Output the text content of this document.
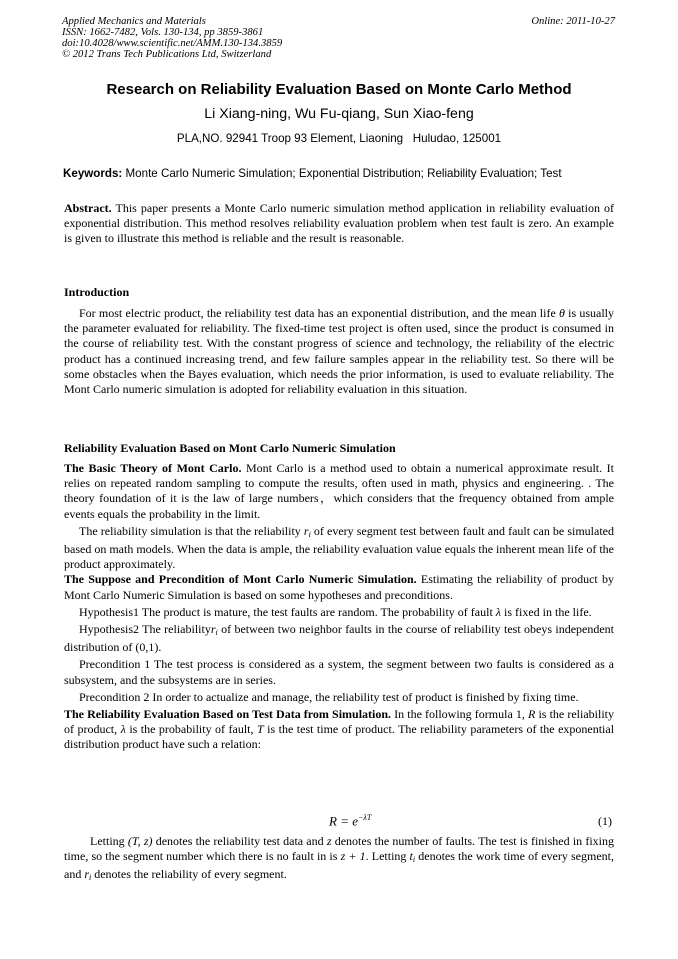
Applied Mechanics and Materials
ISSN: 1662-7482, Vols. 130-134, pp 3859-3861
doi:10.4028/www.scientific.net/AMM.130-134.3859
© 2012 Trans Tech Publications Ltd, Switzerland
Online: 2011-10-27
Research on Reliability Evaluation Based on Monte Carlo Method
Li Xiang-ning, Wu Fu-qiang, Sun Xiao-feng
PLA,NO. 92941 Troop 93 Element, Liaoning   Huludao, 125001
Keywords: Monte Carlo Numeric Simulation; Exponential Distribution; Reliability Evaluation; Test

Abstract. This paper presents a Monte Carlo numeric simulation method application in reliability evaluation of exponential distribution. This method resolves reliability evaluation problem when test fault is zero. An example is given to illustrate this method is reliable and the result is reasonable.

Introduction

For most electric product, the reliability test data has an exponential distribution, and the mean life θ is usually the parameter evaluated for reliability. The fixed-time test project is often used, since the product is consumed in the course of reliability test. With the constant progress of science and technology, the reliability of the electric product has a continued increasing trend, and few failure samples appear in the reliability test. So there will be some obstacles when the Bayes evaluation, which needs the prior information, is used to evaluate reliability. The Mont Carlo numeric simulation is adopted for reliability evaluation in this situation.

Reliability Evaluation Based on Mont Carlo Numeric Simulation

The Basic Theory of Mont Carlo. Mont Carlo is a method used to obtain a numerical approximate result. It relies on repeated random sampling to compute the results, often used in math, physics and engineering. . The theory foundation of it is the law of large numbers，which considers that the frequency obtained from ample events equals the probability in the limit.

The reliability simulation is that the reliability $r_i$ of every segment test between fault and fault can be simulated based on math models. When the data is ample, the reliability evaluation value equals the inherent mean life of the product approximately.

The Suppose and Precondition of Mont Carlo Numeric Simulation. Estimating the reliability of product by Mont Carlo Numeric Simulation is based on some hypotheses and preconditions.

Hypothesis1 The product is mature, the test faults are random. The probability of fault λ is fixed in the life.

Hypothesis2 The reliabilityr$_i$ of between two neighbor faults in the course of reliability test obeys independent distribution of (0,1).

Precondition 1 The test process is considered as a system, the segment between two faults is considered as a subsystem, and the subsystems are in series.

Precondition 2 In order to actualize and manage, the reliability test of product is finished by fixing time.

The Reliability Evaluation Based on Test Data from Simulation. In the following formula 1, R is the reliability of product, λ is the probability of fault, T is the test time of product. The reliability parameters of the exponential distribution product have such a relation:

$R = e^{-\lambda T}$	(1)

Letting (T, z) denotes the reliability test data and z denotes the number of faults. The test is finished in fixing time, so the segment number which there is no fault in is z + 1. Letting $t_i$ denotes the work time of every segment, and $r_i$ denotes the reliability of every segment.
